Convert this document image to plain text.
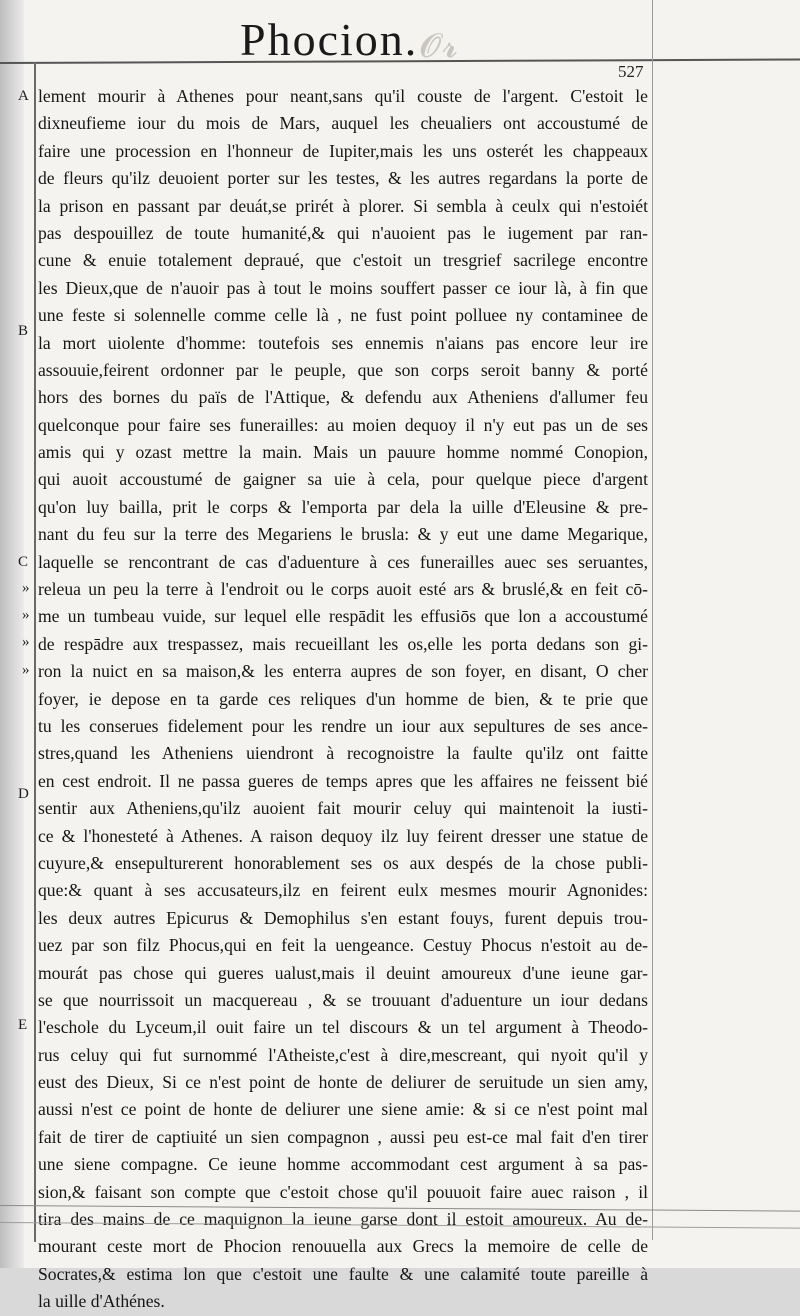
𝓞𝓻
Phocion.
527
A
B
C
D
E
»
»
»
»
lement mourir à Athenes pour neant,sans qu'il couste de l'argent. C'estoit le
dixneufieme iour du mois de Mars, auquel les cheualiers ont accoustumé de
faire une procession en l'honneur de Iupiter,mais les uns osterét les chappeaux
de fleurs qu'ilz deuoient porter sur les testes, & les autres regardans la porte de
la prison en passant par deuát,se prirét à plorer. Si sembla à ceulx qui n'estoiét
pas despouillez de toute humanité,& qui n'auoient pas le iugement par ran-
cune & enuie totalement depraué, que c'estoit un tresgrief sacrilege encontre
les Dieux,que de n'auoir pas à tout le moins souffert passer ce iour là, à fin que
une feste si solennelle comme celle là , ne fust point polluee ny contaminee de
la mort uiolente d'homme: toutefois ses ennemis n'aians pas encore leur ire
assouuie,feirent ordonner par le peuple, que son corps seroit banny & porté
hors des bornes du païs de l'Attique, & defendu aux Atheniens d'allumer feu
quelconque pour faire ses funerailles: au moien dequoy il n'y eut pas un de ses
amis qui y ozast mettre la main. Mais un pauure homme nommé Conopion,
qui auoit accoustumé de gaigner sa uie à cela, pour quelque piece d'argent
qu'on luy bailla, prit le corps & l'emporta par dela la uille d'Eleusine & pre-
nant du feu sur la terre des Megariens le brusla: & y eut une dame Megarique,
laquelle se rencontrant de cas d'aduenture à ces funerailles auec ses seruantes,
releua un peu la terre à l'endroit ou le corps auoit esté ars & bruslé,& en feit cō-
me un tumbeau vuide, sur lequel elle respādit les effusiōs que lon a accoustumé
de respādre aux trespassez, mais recueillant les os,elle les porta dedans son gi-
ron la nuict en sa maison,& les enterra aupres de son foyer, en disant, O cher
foyer, ie depose en ta garde ces reliques d'un homme de bien, & te prie que
tu les conserues fidelement pour les rendre un iour aux sepultures de ses ance-
stres,quand les Atheniens uiendront à recognoistre la faulte qu'ilz ont faitte
en cest endroit. Il ne passa gueres de temps apres que les affaires ne feissent bié
sentir aux Atheniens,qu'ilz auoient fait mourir celuy qui maintenoit la iusti-
ce & l'honesteté à Athenes. A raison dequoy ilz luy feirent dresser une statue de
cuyure,& ensepulturerent honorablement ses os aux despés de la chose publi-
que:& quant à ses accusateurs,ilz en feirent eulx mesmes mourir Agnonides:
les deux autres Epicurus & Demophilus s'en estant fouys, furent depuis trou-
uez par son filz Phocus,qui en feit la uengeance. Cestuy Phocus n'estoit au de-
mourát pas chose qui gueres ualust,mais il deuint amoureux d'une ieune gar-
se que nourrissoit un macquereau , & se trouuant d'aduenture un iour dedans
l'eschole du Lyceum,il ouit faire un tel discours & un tel argument à Theodo-
rus celuy qui fut surnommé l'Atheiste,c'est à dire,mescreant, qui nyoit qu'il y
eust des Dieux, Si ce n'est point de honte de deliurer de seruitude un sien amy,
aussi n'est ce point de honte de deliurer une siene amie: & si ce n'est point mal
fait de tirer de captiuité un sien compagnon , aussi peu est-ce mal fait d'en tirer
une siene compagne. Ce ieune homme accommodant cest argument à sa pas-
sion,& faisant son compte que c'estoit chose qu'il pouuoit faire auec raison , il
tira des mains de ce maquignon la ieune garse dont il estoit amoureux. Au de-
mourant ceste mort de Phocion renouuella aux Grecs la memoire de celle de
Socrates,& estima lon que c'estoit une faulte & une calamité toute pareille à
la uille d'Athénes.
